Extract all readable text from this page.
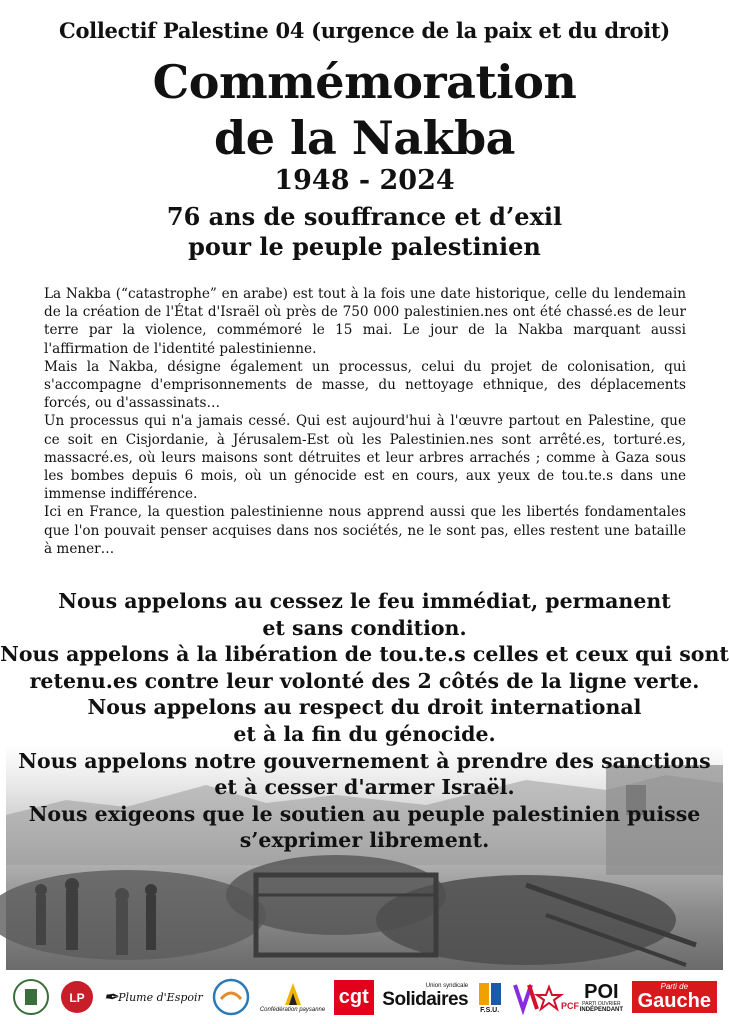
Collectif Palestine 04 (urgence de la paix et du droit)
Commémoration
de la Nakba
1948 - 2024
76 ans de souffrance et d’exil
pour le peuple palestinien

La Nakba (“catastrophe” en arabe) est tout à la fois une date historique, celle du lendemain de la création de l'État d'Israël où près de 750 000 palestinien.nes ont été chassé.es de leur terre par la violence, commémoré le 15 mai. Le jour de la Nakba marquant aussi l'affirmation de l'identité palestinienne.

Mais la Nakba, désigne également un processus, celui du projet de colonisation, qui s'accompagne d'emprisonnements de masse, du nettoyage ethnique, des déplacements forcés, ou d'assassinats…

Un processus qui n'a jamais cessé. Qui est aujourd'hui à l'œuvre partout en Palestine, que ce soit en Cisjordanie, à Jérusalem-Est où les Palestinien.nes sont arrêté.es, torturé.es, massacré.es, où leurs maisons sont détruites et leur arbres arrachés ; comme à Gaza sous les bombes depuis 6 mois, où un génocide est en cours, aux yeux de tou.te.s dans une immense indifférence.

Ici en France, la question palestinienne nous apprend aussi que les libertés fondamentales que l'on pouvait penser acquises dans nos sociétés, ne le sont pas, elles restent une bataille à mener…

Nous appelons au cessez le feu immédiat, permanent

et sans condition.

Nous appelons à la libération de tou.te.s celles et ceux qui sont

retenu.es contre leur volonté des 2 côtés de la ligne verte.

Nous appelons au respect du droit international

et à la fin du génocide.

Nous appelons notre gouvernement à prendre des sanctions

et à cesser d'armer Israël.

Nous exigeons que le soutien au peuple palestinien puisse

s’exprimer librement.

LP ✒ Plume d'Espoir
Confédération paysanne
cgt	Union syndicale
Solidaires F.S.U.	PCF
POI
PARTI OUVRIER
INDÉPENDANT
Parti de
Gauche
